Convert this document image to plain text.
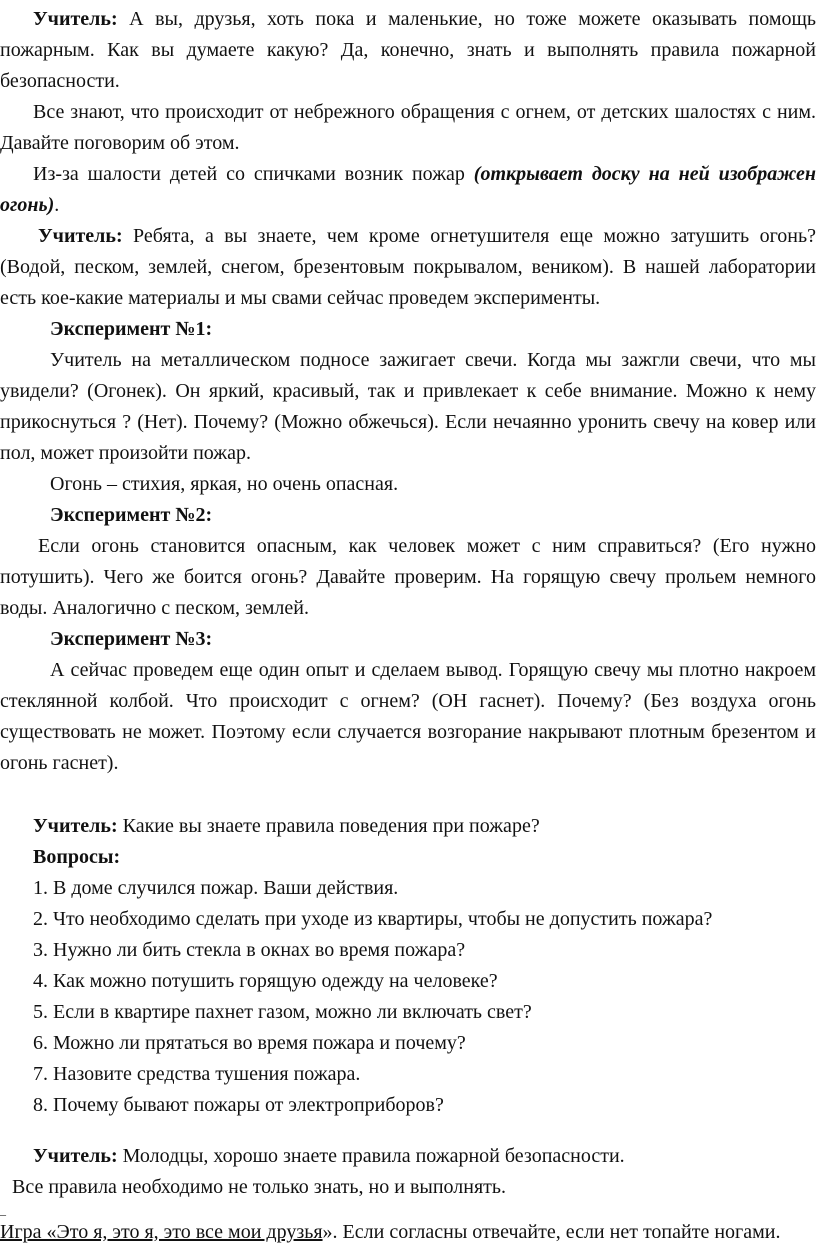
Учитель: А вы, друзья, хоть пока и маленькие, но тоже можете оказывать помощь пожарным. Как вы думаете какую? Да, конечно, знать и выполнять правила пожарной безопасности.

Все знают, что происходит от небрежного обращения с огнем, от детских шалостях с ним. Давайте поговорим об этом.

Из-за шалости детей со спичками возник пожар (открывает доску на ней изображен огонь).

Учитель: Ребята, а вы знаете, чем кроме огнетушителя еще можно затушить огонь? (Водой, песком, землей, снегом, брезентовым покрывалом, веником). В нашей лаборатории есть кое-какие материалы и мы свами сейчас проведем эксперименты.

Эксперимент №1:

Учитель на металлическом подносе зажигает свечи. Когда мы зажгли свечи, что мы увидели? (Огонек). Он яркий, красивый, так и привлекает к себе внимание. Можно к нему прикоснуться ? (Нет). Почему? (Можно обжечься). Если нечаянно уронить свечу на ковер или пол, может произойти пожар.

Огонь – стихия, яркая, но очень опасная.

Эксперимент №2:

Если огонь становится опасным, как человек может с ним справиться? (Его нужно потушить). Чего же боится огонь? Давайте проверим. На горящую свечу прольем немного воды. Аналогично с песком, землей.

Эксперимент №3:

А сейчас проведем еще один опыт и сделаем вывод. Горящую свечу мы плотно накроем стеклянной колбой. Что происходит с огнем? (ОН гаснет). Почему? (Без воздуха огонь существовать не может. Поэтому если случается возгорание накрывают плотным брезентом и огонь гаснет).

Учитель: Какие вы знаете правила поведения при пожаре?

Вопросы:

1. В доме случился пожар. Ваши действия.
2. Что необходимо сделать при уходе из квартиры, чтобы не допустить пожара?
3. Нужно ли бить стекла в окнах во время пожара?
4. Как можно потушить горящую одежду на человеке?
5. Если в квартире пахнет газом, можно ли включать свет?
6. Можно ли прятаться во время пожара и почему?
7. Назовите средства тушения пожара.
8. Почему бывают пожары от электроприборов?

Учитель: Молодцы, хорошо знаете правила пожарной безопасности.

Все правила необходимо не только знать, но и выполнять.

_

Игра «Это я, это я, это все мои друзья». Если согласны отвечайте, если нет топайте ногами.
